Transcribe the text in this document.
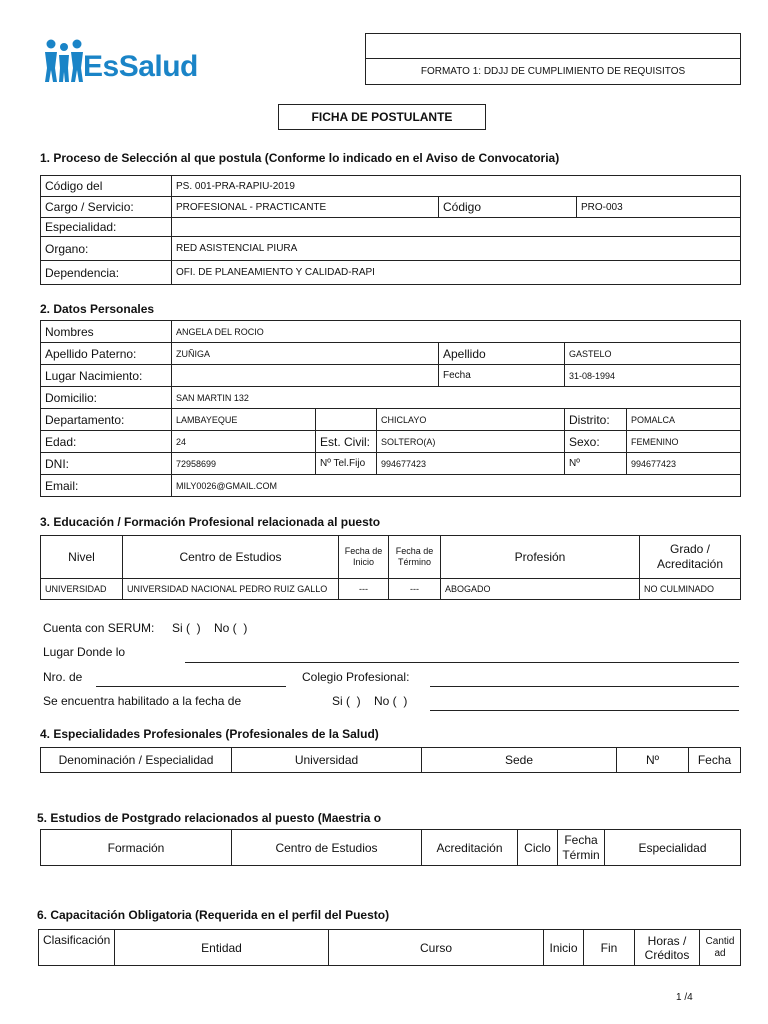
EsSalud	FORMATO 1: DDJJ DE CUMPLIMIENTO DE REQUISITOS
FICHA DE POSTULANTE
1. Proceso de Selección al que postula (Conforme lo indicado en el Aviso de Convocatoria)
Código del	PS. 001-PRA-RAPIU-2019		
Cargo / Servicio:	PROFESIONAL - PRACTICANTE	Código	PRO-003
Especialidad:			
Organo:	RED ASISTENCIAL PIURA		
Dependencia:	OFI. DE PLANEAMIENTO Y CALIDAD-RAPI		
2. Datos Personales
Nombres	ANGELA DEL ROCIO					
Apellido Paterno:	ZUÑIGA			Apellido	GASTELO	
Lugar Nacimiento:				Fecha	31-08-1994	
Domicilio:	SAN MARTIN 132					
Departamento:	LAMBAYEQUE		CHICLAYO		Distrito:	POMALCA
Edad:	24	Est. Civil:	SOLTERO(A)		Sexo:	FEMENINO
DNI:	72958699	Nº Tel.Fijo	994677423		Nº	994677423
Email:	MILY0026@GMAIL.COM					
3. Educación / Formación Profesional relacionada al puesto
Nivel	Centro de Estudios	Fecha de Inicio	Fecha de Término	Profesión	Grado / Acreditación
UNIVERSIDAD	UNIVERSIDAD NACIONAL PEDRO RUIZ GALLO	---	---	ABOGADO	NO CULMINADO
Cuenta con SERUM: Si (  )    No (  )
Lugar Donde lo
Nro. de	Colegio Profesional:
Se encuentra habilitado a la fecha de	Si (  )    No (  )
4. Especialidades Profesionales (Profesionales de la Salud)
Denominación / Especialidad	Universidad	Sede	Nº	Fecha
5. Estudios de Postgrado relacionados al puesto (Maestria o
Formación	Centro de Estudios	Acreditación	Ciclo	Fecha Términ	Especialidad
6. Capacitación Obligatoria (Requerida en el perfil del Puesto)
Clasificación	Entidad	Curso	Inicio	Fin	Horas / Créditos	Cantid ad
1 /4
